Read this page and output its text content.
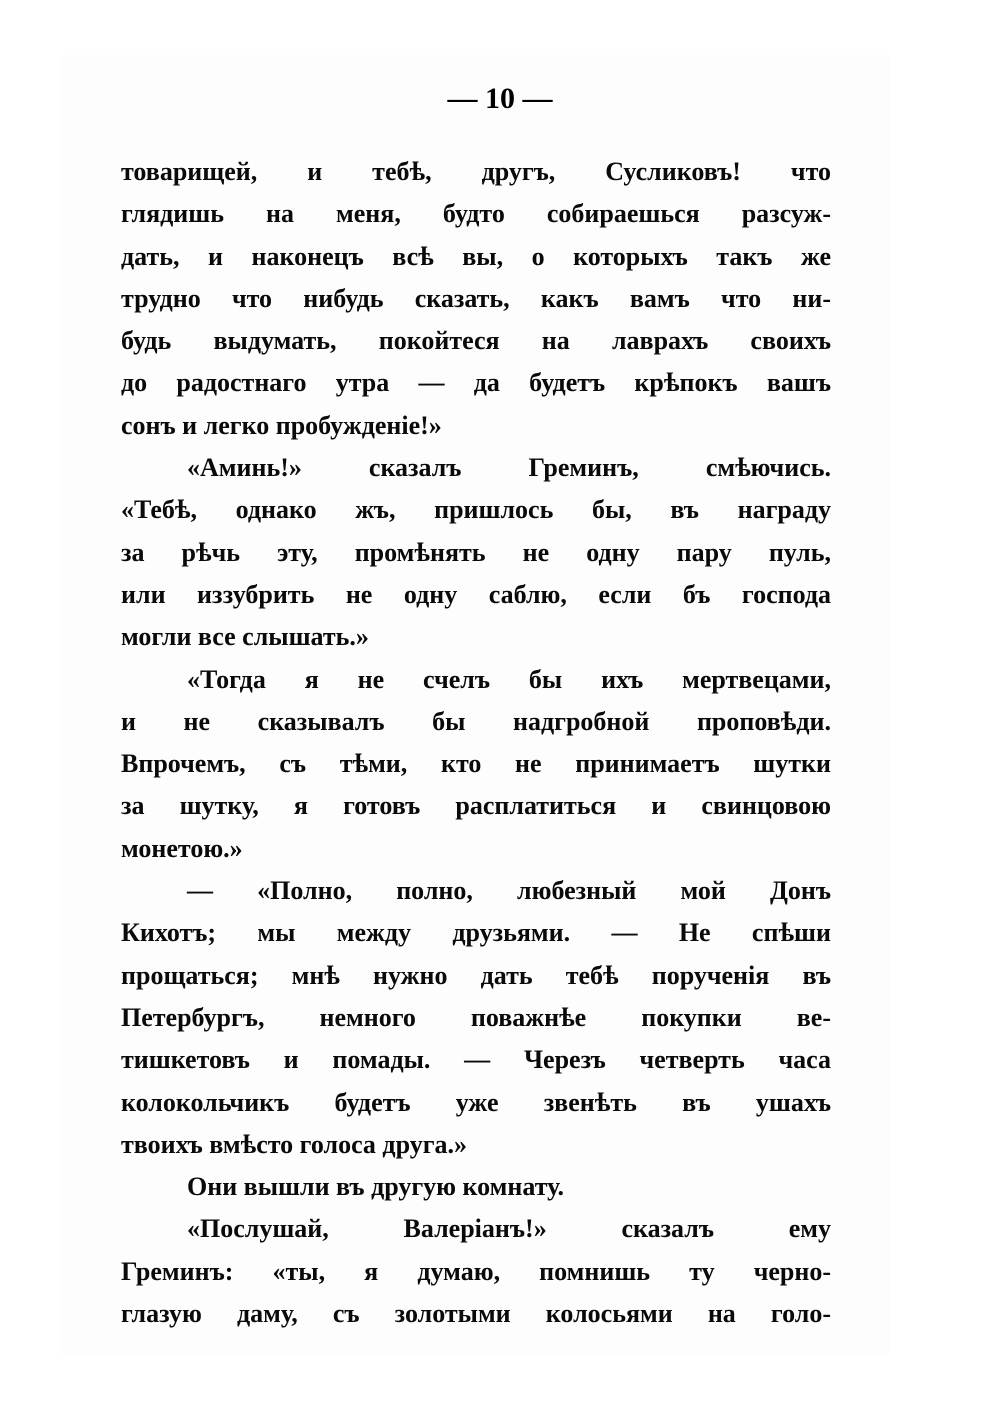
— 10 —
товарищей, и тебѣ, другъ, Сусликовъ! что
глядишь на меня, будто собираешься разсуж-
дать, и наконецъ всѣ вы, о которыхъ такъ же
трудно что нибудь сказать, какъ вамъ что ни-
будь выдумать, покойтеся на лаврахъ своихъ
до радостнаго утра — да будетъ крѣпокъ вашъ
сонъ и легко пробужденіе!»
«Аминь!» сказалъ Греминъ, смѣючись.
«Тебѣ, однако жъ, пришлось бы, въ награду
за рѣчь эту, промѣнять не одну пару пуль,
или иззубрить не одну саблю, если бъ господа
могли все слышать.»
«Тогда я не счелъ бы ихъ мертвецами,
и не сказывалъ бы надгробной проповѣди.
Впрочемъ, съ тѣми, кто не принимаетъ шутки
за шутку, я готовъ расплатиться и свинцовою
монетою.»
— «Полно, полно, любезный мой Донъ
Кихотъ; мы между друзьями. — Не спѣши
прощаться; мнѣ нужно дать тебѣ порученія въ
Петербургъ, немного поважнѣе покупки ве-
тишкетовъ и помады. — Черезъ четверть часа
колокольчикъ будетъ уже звенѣть въ ушахъ
твоихъ вмѣсто голоса друга.»
Они вышли въ другую комнату.
«Послушай, Валеріанъ!» сказалъ ему
Греминъ: «ты, я думаю, помнишь ту черно-
глазую даму, съ золотыми колосьями на голо-
